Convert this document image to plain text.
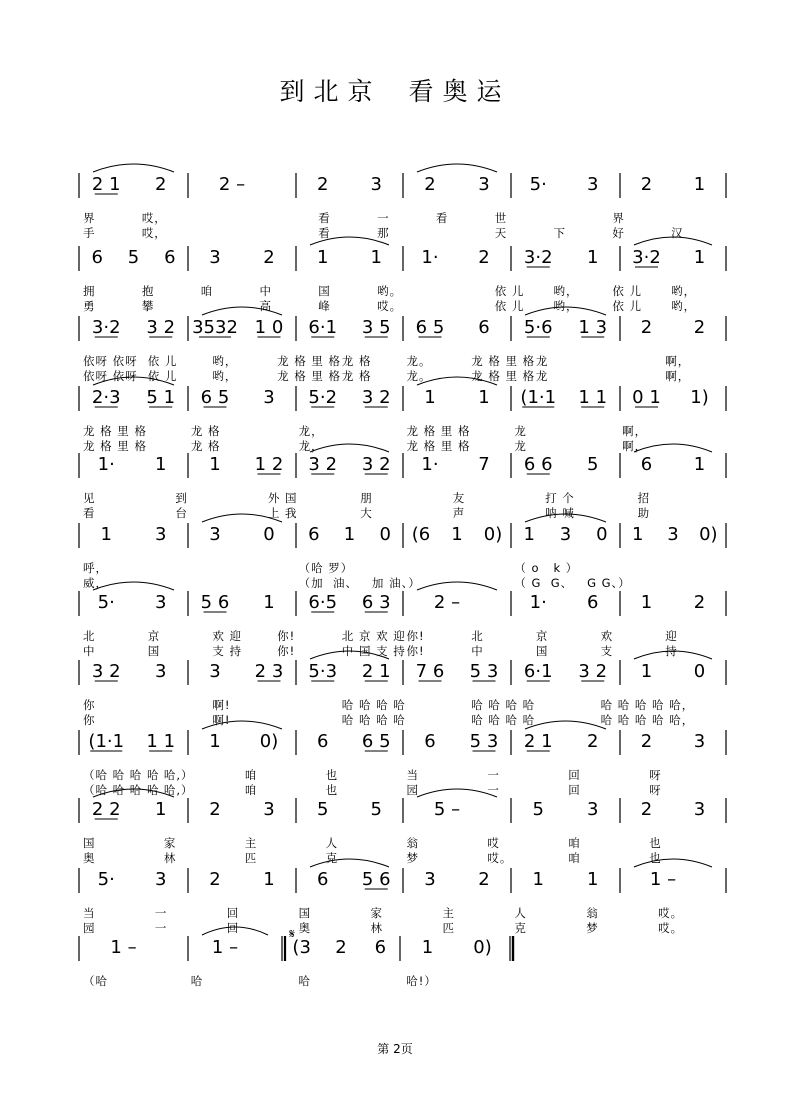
到北京 看奥运
2 1 2	2 –	2 3 2 3 5· 3 2 1
6 5 6 3 2 1 1 1· 2 3·2 1 3·2 1
3·2 3 2 3532 1 0 6·1 3 5 6 5 6 5·6 1 3 2 2
2·3 5 1 6 5 3 5·2 3 2 1 1 (1·1 1 1 0 1 1)
1· 1 1 1 2 3 2 3 2 1· 7 6 6 5 6 1
1 3 3 0 6 1 0 (6 1 0) 1 3 0 1 3 0)
5· 3 5 6 1 6·5 6 3 2 –	1· 6 1 2
3 2 3 3 2 3 5·3 2 1 7 6 5 3 6·1 3 2 1 0
(1·1 1 1 1 0) 6 6 5 6 5 3 2 1 2 2 3
2 2 1 2 3 5 5	5 –	5 3 2 3
5· 3 2 1 6 5 6 3 2 1 1	1 –
1 –	1 –	(3 2 6 1 0)
𝄋
界	哎，	看	一	看	世	界
手	哎，	看	那	天	下	好	汉
拥	抱	咱	中	国	哟。	依 儿	哟，	依 儿	哟，
勇	攀	高	峰	哎。	依 儿	哟，	依 儿	哟，
依呀 依呀 依 儿	哟，	龙 格 里 格 龙 格	龙。	龙 格 里 格 龙	啊，
依呀 依呀 依 儿	哟，	龙 格 里 格 龙 格	龙。	龙 格 里 格 龙	啊，
龙 格 里 格	龙 格	龙，	龙 格 里 格	龙	啊，
龙 格 里 格	龙 格	龙，	龙 格 里 格	龙	啊，
见	到	外 国	朋	友	打 个	招
看	台	上 我	大	声	呐 喊	助
呼，	（哈 罗）	（ o   k ）
威，	（加  油、   加 油、）	（ G  G、   G G、）
北	京	欢 迎	你!	北 京 欢 迎 你!	北	京	欢	迎
中	国	支 持	你!	中 国 支 持 你!	中	国	支	持
你	啊!	哈 哈 哈 哈	哈 哈 哈 哈	哈 哈 哈 哈 哈，
你	啊!	哈 哈 哈 哈	哈 哈 哈 哈	哈 哈 哈 哈 哈，
（哈 哈 哈 哈 哈,）	咱	也	当	一	回	呀
（哈 哈 哈 哈 哈,）	咱	也	园	一	回	呀
国	家	主	人	翁	哎	咱	也
奥	林	匹	克	梦	哎。	咱	也
当	一	回	国	家	主	人	翁	哎。
园	一	回	奥	林	匹	克	梦	哎。
（哈	哈	哈	哈!）
第 2页
